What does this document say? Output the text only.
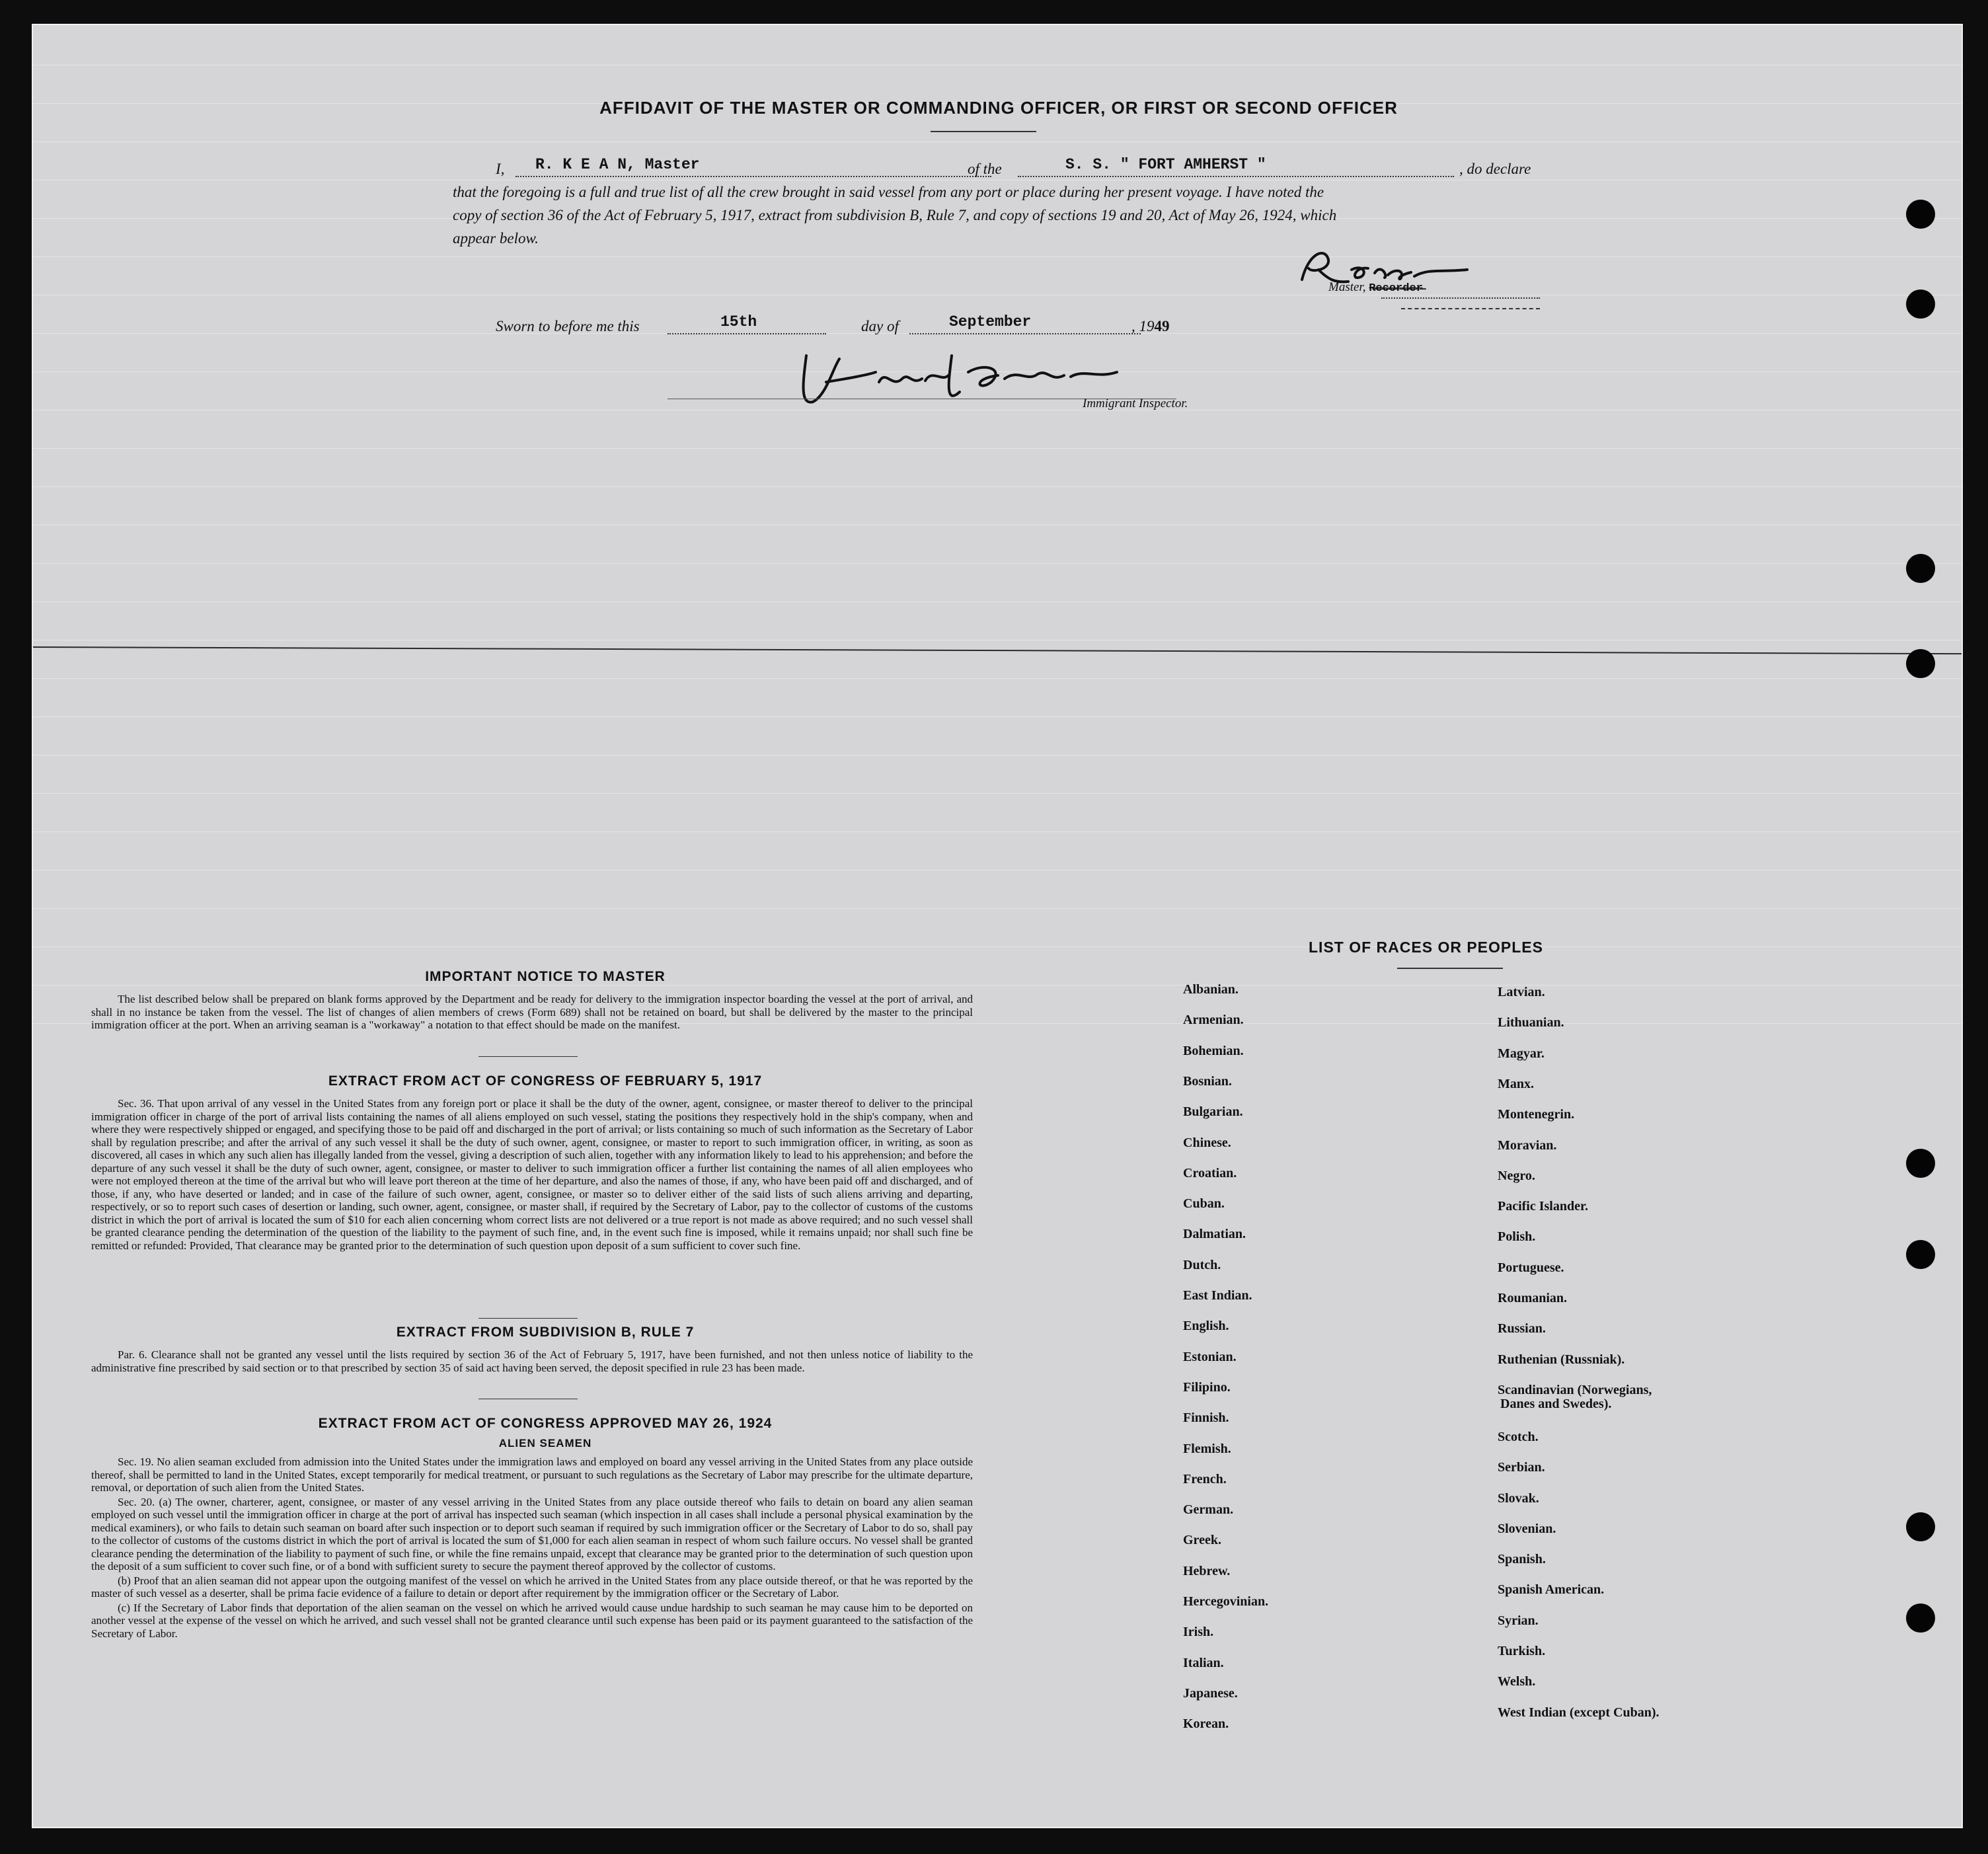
AFFIDAVIT OF THE MASTER OR COMMANDING OFFICER, OR FIRST OR SECOND OFFICER
I, R. K E A N, Master	of the	S. S. " FORT AMHERST "	, do declare
that the foregoing is a full and true list of all the crew brought in said vessel from any port or place during her present voyage. I have noted the
copy of section 36 of the Act of February 5, 1917, extract from subdivision B, Rule 7, and copy of sections 19 and 20, Act of May 26, 1924, which
appear below.
Master, R̶e̶c̶o̶r̶d̶e̶r̶
Sworn to before me this	15th	day of	September	, 1949
Immigrant Inspector.
IMPORTANT NOTICE TO MASTER

The list described below shall be prepared on blank forms approved by the Department and be ready for delivery to the immigration inspector boarding the vessel at the port of arrival, and shall in no instance be taken from the vessel. The list of changes of alien members of crews (Form 689) shall not be retained on board, but shall be delivered by the master to the principal immigration officer at the port. When an arriving seaman is a "workaway" a notation to that effect should be made on the manifest.

EXTRACT FROM ACT OF CONGRESS OF FEBRUARY 5, 1917

Sec. 36. That upon arrival of any vessel in the United States from any foreign port or place it shall be the duty of the owner, agent, consignee, or master thereof to deliver to the principal immigration officer in charge of the port of arrival lists containing the names of all aliens employed on such vessel, stating the positions they respectively hold in the ship's company, when and where they were respectively shipped or engaged, and specifying those to be paid off and discharged in the port of arrival; or lists containing so much of such information as the Secretary of Labor shall by regulation prescribe; and after the arrival of any such vessel it shall be the duty of such owner, agent, consignee, or master to report to such immigration officer, in writing, as soon as discovered, all cases in which any such alien has illegally landed from the vessel, giving a description of such alien, together with any information likely to lead to his apprehension; and before the departure of any such vessel it shall be the duty of such owner, agent, consignee, or master to deliver to such immigration officer a further list containing the names of all alien employees who were not employed thereon at the time of the arrival but who will leave port thereon at the time of her departure, and also the names of those, if any, who have been paid off and discharged, and of those, if any, who have deserted or landed; and in case of the failure of such owner, agent, consignee, or master so to deliver either of the said lists of such aliens arriving and departing, respectively, or so to report such cases of desertion or landing, such owner, agent, consignee, or master shall, if required by the Secretary of Labor, pay to the collector of customs of the customs district in which the port of arrival is located the sum of $10 for each alien concerning whom correct lists are not delivered or a true report is not made as above required; and no such vessel shall be granted clearance pending the determination of the question of the liability to the payment of such fine, and, in the event such fine is imposed, while it remains unpaid; nor shall such fine be remitted or refunded: Provided, That clearance may be granted prior to the determination of such question upon deposit of a sum sufficient to cover such fine.

EXTRACT FROM SUBDIVISION B, RULE 7

Par. 6. Clearance shall not be granted any vessel until the lists required by section 36 of the Act of February 5, 1917, have been furnished, and not then unless notice of liability to the administrative fine prescribed by said section or to that prescribed by section 35 of said act having been served, the deposit specified in rule 23 has been made.

EXTRACT FROM ACT OF CONGRESS APPROVED MAY 26, 1924
ALIEN SEAMEN

Sec. 19. No alien seaman excluded from admission into the United States under the immigration laws and employed on board any vessel arriving in the United States from any place outside thereof, shall be permitted to land in the United States, except temporarily for medical treatment, or pursuant to such regulations as the Secretary of Labor may prescribe for the ultimate departure, removal, or deportation of such alien from the United States.

Sec. 20. (a) The owner, charterer, agent, consignee, or master of any vessel arriving in the United States from any place outside thereof who fails to detain on board any alien seaman employed on such vessel until the immigration officer in charge at the port of arrival has inspected such seaman (which inspection in all cases shall include a personal physical examination by the medical examiners), or who fails to detain such seaman on board after such inspection or to deport such seaman if required by such immigration officer or the Secretary of Labor to do so, shall pay to the collector of customs of the customs district in which the port of arrival is located the sum of $1,000 for each alien seaman in respect of whom such failure occurs. No vessel shall be granted clearance pending the determination of the liability to payment of such fine, or while the fine remains unpaid, except that clearance may be granted prior to the determination of such question upon the deposit of a sum sufficient to cover such fine, or of a bond with sufficient surety to secure the payment thereof approved by the collector of customs.

(b) Proof that an alien seaman did not appear upon the outgoing manifest of the vessel on which he arrived in the United States from any place outside thereof, or that he was reported by the master of such vessel as a deserter, shall be prima facie evidence of a failure to detain or deport after requirement by the immigration officer or the Secretary of Labor.

(c) If the Secretary of Labor finds that deportation of the alien seaman on the vessel on which he arrived would cause undue hardship to such seaman he may cause him to be deported on another vessel at the expense of the vessel on which he arrived, and such vessel shall not be granted clearance until such expense has been paid or its payment guaranteed to the satisfaction of the Secretary of Labor.

LIST OF RACES OR PEOPLES
Albanian.
Armenian.
Bohemian.
Bosnian.
Bulgarian.
Chinese.
Croatian.
Cuban.
Dalmatian.
Dutch.
East Indian.
English.
Estonian.
Filipino.
Finnish.
Flemish.
French.
German.
Greek.
Hebrew.
Hercegovinian.
Irish.
Italian.
Japanese.
Korean.
Latvian.
Lithuanian.
Magyar.
Manx.
Montenegrin.
Moravian.
Negro.
Pacific Islander.
Polish.
Portuguese.
Roumanian.
Russian.
Ruthenian (Russniak).
Scandinavian (Norwegians,
Danes and Swedes).
Scotch.
Serbian.
Slovak.
Slovenian.
Spanish.
Spanish American.
Syrian.
Turkish.
Welsh.
West Indian (except Cuban).
